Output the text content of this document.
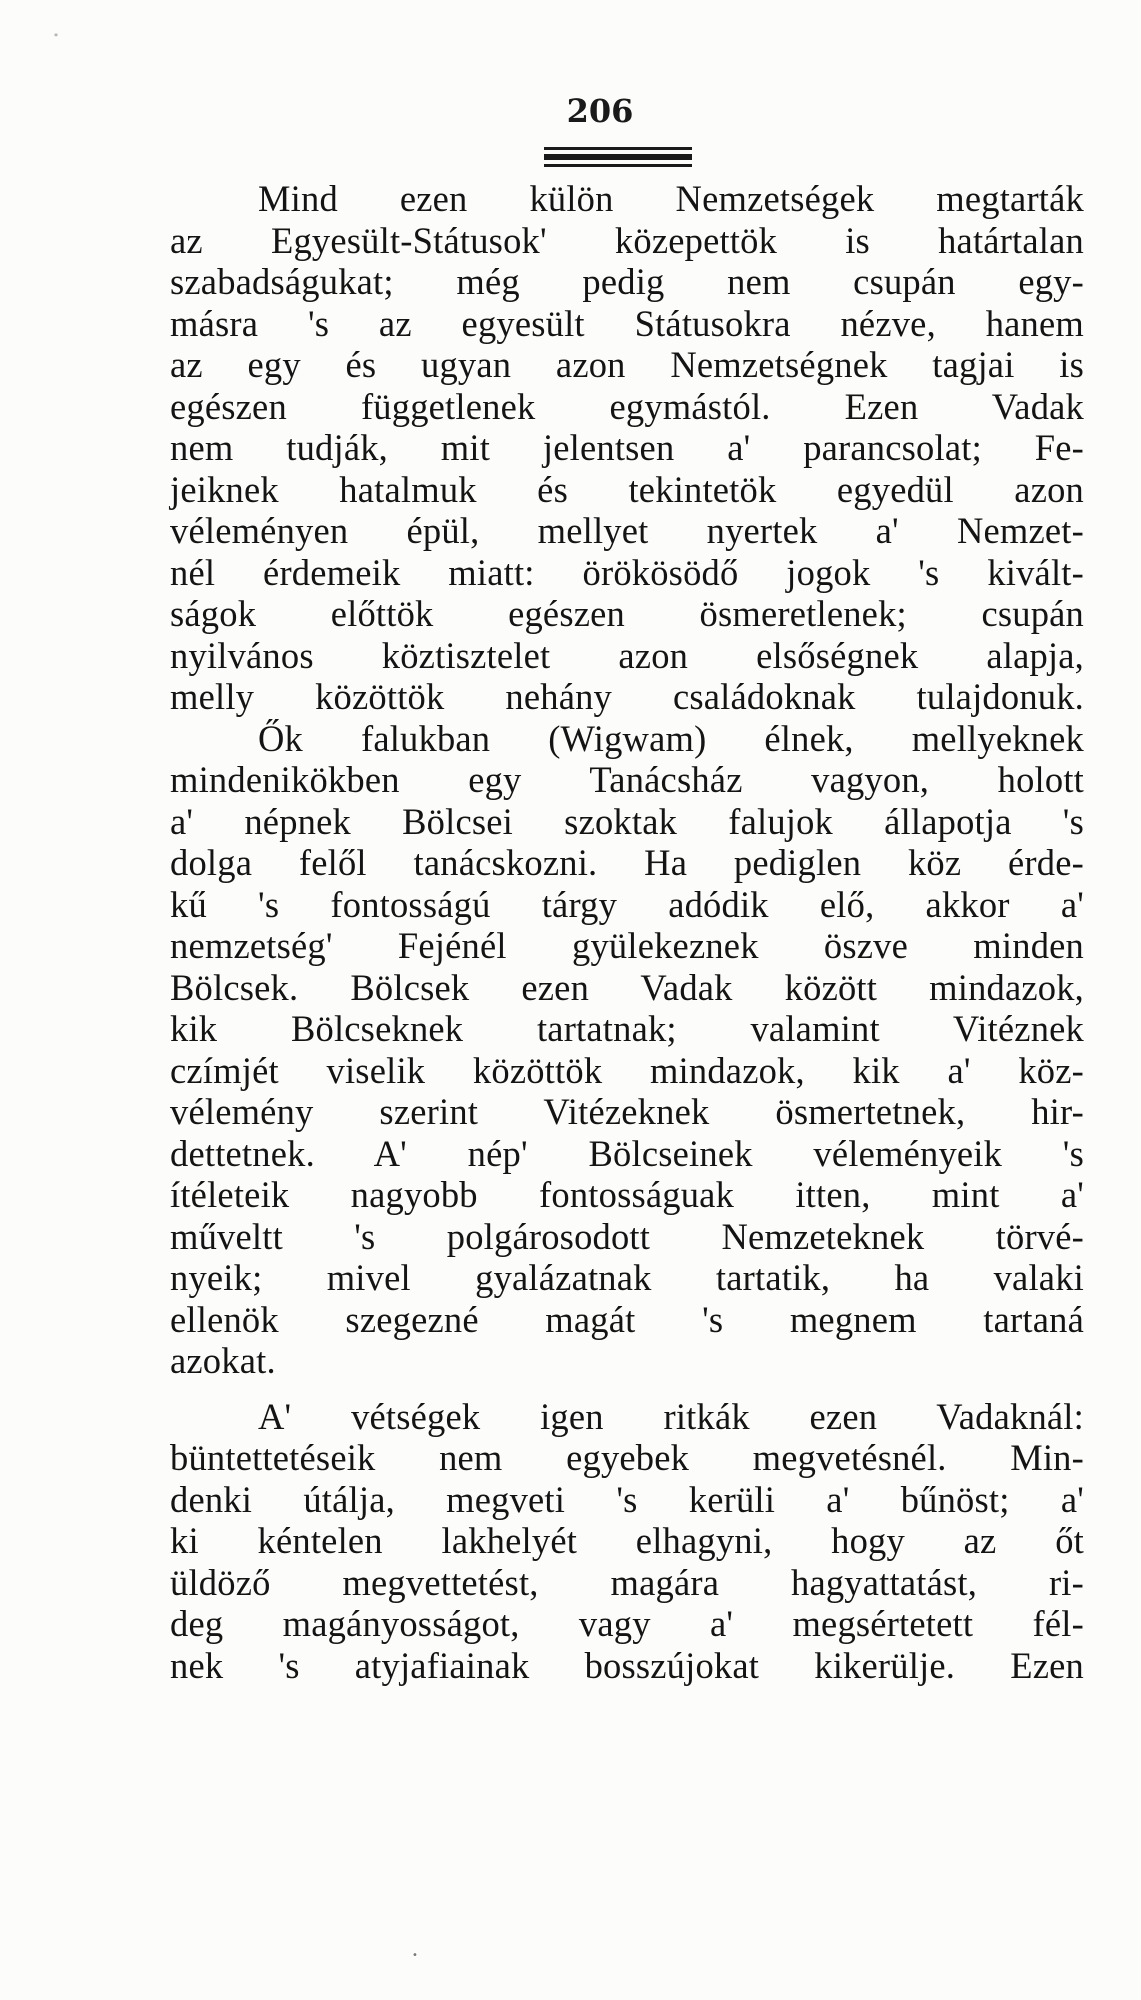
*
206
Mind ezen külön Nemzetségek megtarták
az Egyesült-Státusok' közepettök is határtalan
szabadságukat; még pedig nem csupán egy-
másra 's az egyesült Státusokra nézve, hanem
az egy és ugyan azon Nemzetségnek tagjai is
egészen függetlenek egymástól. Ezen Vadak
nem tudják, mit jelentsen a' parancsolat; Fe-
jeiknek hatalmuk és tekintetök egyedül azon
véleményen épül, mellyet nyertek a' Nemzet-
nél érdemeik miatt: örökösödő jogok 's kivált-
ságok előttök egészen ösmeretlenek; csupán
nyilvános köztisztelet azon elsőségnek alapja,
melly közöttök nehány családoknak tulajdonuk.
Ők falukban (Wigwam) élnek, mellyeknek
mindenikökben egy Tanácsház vagyon, holott
a' népnek Bölcsei szoktak falujok állapotja 's
dolga felől tanácskozni. Ha pediglen köz érde-
kű 's fontosságú tárgy adódik elő, akkor a'
nemzetség' Fejénél gyülekeznek öszve minden
Bölcsek. Bölcsek ezen Vadak között mindazok,
kik Bölcseknek tartatnak; valamint Vitéznek
czímjét viselik közöttök mindazok, kik a' köz-
vélemény szerint Vitézeknek ösmertetnek, hir-
dettetnek. A' nép' Bölcseinek véleményeik 's
ítéleteik nagyobb fontosságuak itten, mint a'
műveltt 's polgárosodott Nemzeteknek törvé-
nyeik; mivel gyalázatnak tartatik, ha valaki
ellenök szegezné magát 's megnem tartaná
azokat.
A' vétségek igen ritkák ezen Vadaknál:
büntettetéseik nem egyebek megvetésnél. Min-
denki útálja, megveti 's kerüli a' bűnöst; a'
ki kéntelen lakhelyét elhagyni, hogy az őt
üldöző megvettetést, magára hagyattatást, ri-
deg magányosságot, vagy a' megsértetett fél-
nek 's atyjafiainak bosszújokat kikerülje. Ezen
•
